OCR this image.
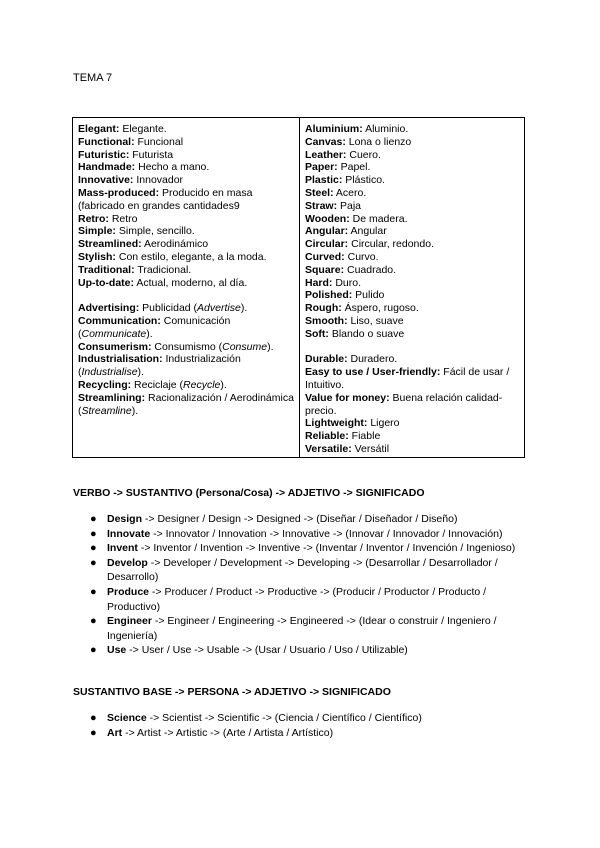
TEMA 7
Elegant: Elegante.
Functional: Funcional
Futuristic: Futurista
Handmade: Hecho a mano.
Innovative: Innovador
Mass-produced: Producido en masa (fabricado en grandes cantidades9
Retro: Retro
Simple: Simple, sencillo.
Streamlined: Aerodinámico
Stylish: Con estilo, elegante, a la moda.
Traditional: Tradicional.
Up-to-date: Actual, moderno, al día.
Advertising: Publicidad (Advertise).
Communication: Comunicación (Communicate).
Consumerism: Consumismo (Consume).
Industrialisation: Industrialización (Industrialise).
Recycling: Reciclaje (Recycle).
Streamlining: Racionalización / Aerodinámica (Streamline).
Aluminium: Aluminio.
Canvas: Lona o lienzo
Leather: Cuero.
Paper: Papel.
Plastic: Plástico.
Steel: Acero.
Straw: Paja
Wooden: De madera.
Angular: Angular
Circular: Circular, redondo.
Curved: Curvo.
Square: Cuadrado.
Hard: Duro.
Polished: Pulido
Rough: Áspero, rugoso.
Smooth: Liso, suave
Soft: Blando o suave
Durable: Duradero.
Easy to use / User-friendly: Fácil de usar / Intuitivo.
Value for money: Buena relación calidad-precio.
Lightweight: Ligero
Reliable: Fiable
Versatile: Versátil
VERBO -> SUSTANTIVO (Persona/Cosa) -> ADJETIVO -> SIGNIFICADO
● Design -> Designer / Design -> Designed -> (Diseñar / Diseñador / Diseño)
● Innovate -> Innovator / Innovation -> Innovative -> (Innovar / Innovador / Innovación)
● Invent -> Inventor / Invention -> Inventive -> (Inventar / Inventor / Invención / Ingenioso)
● Develop -> Developer / Development -> Developing -> (Desarrollar / Desarrollador / Desarrollo)
● Produce -> Producer / Product -> Productive -> (Producir / Productor / Producto / Productivo)
● Engineer -> Engineer / Engineering -> Engineered -> (Idear o construir / Ingeniero / Ingeniería)
● Use -> User / Use -> Usable -> (Usar / Usuario / Uso / Utilizable)
SUSTANTIVO BASE -> PERSONA -> ADJETIVO -> SIGNIFICADO
● Science -> Scientist -> Scientific -> (Ciencia / Científico / Científico)
● Art -> Artist -> Artistic -> (Arte / Artista / Artístico)
